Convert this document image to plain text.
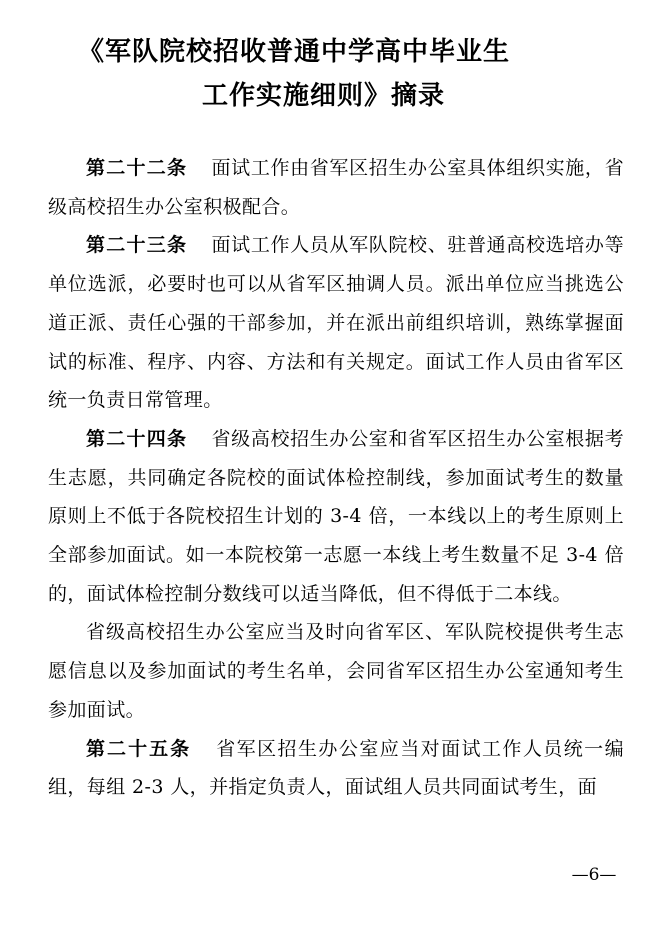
《军队院校招收普通中学高中毕业生
工作实施细则》摘录

第二十二条 面试工作由省军区招生办公室具体组织实施，省级高校招生办公室积极配合。

第二十三条 面试工作人员从军队院校、驻普通高校选培办等单位选派，必要时也可以从省军区抽调人员。派出单位应当挑选公道正派、责任心强的干部参加，并在派出前组织培训，熟练掌握面试的标准、程序、内容、方法和有关规定。面试工作人员由省军区统一负责日常管理。

第二十四条 省级高校招生办公室和省军区招生办公室根据考生志愿，共同确定各院校的面试体检控制线，参加面试考生的数量原则上不低于各院校招生计划的 3-4 倍，一本线以上的考生原则上全部参加面试。如一本院校第一志愿一本线上考生数量不足 3-4 倍的，面试体检控制分数线可以适当降低，但不得低于二本线。

省级高校招生办公室应当及时向省军区、军队院校提供考生志愿信息以及参加面试的考生名单，会同省军区招生办公室通知考生参加面试。

第二十五条 省军区招生办公室应当对面试工作人员统一编组，每组 2-3 人，并指定负责人，面试组人员共同面试考生，面

—6—
